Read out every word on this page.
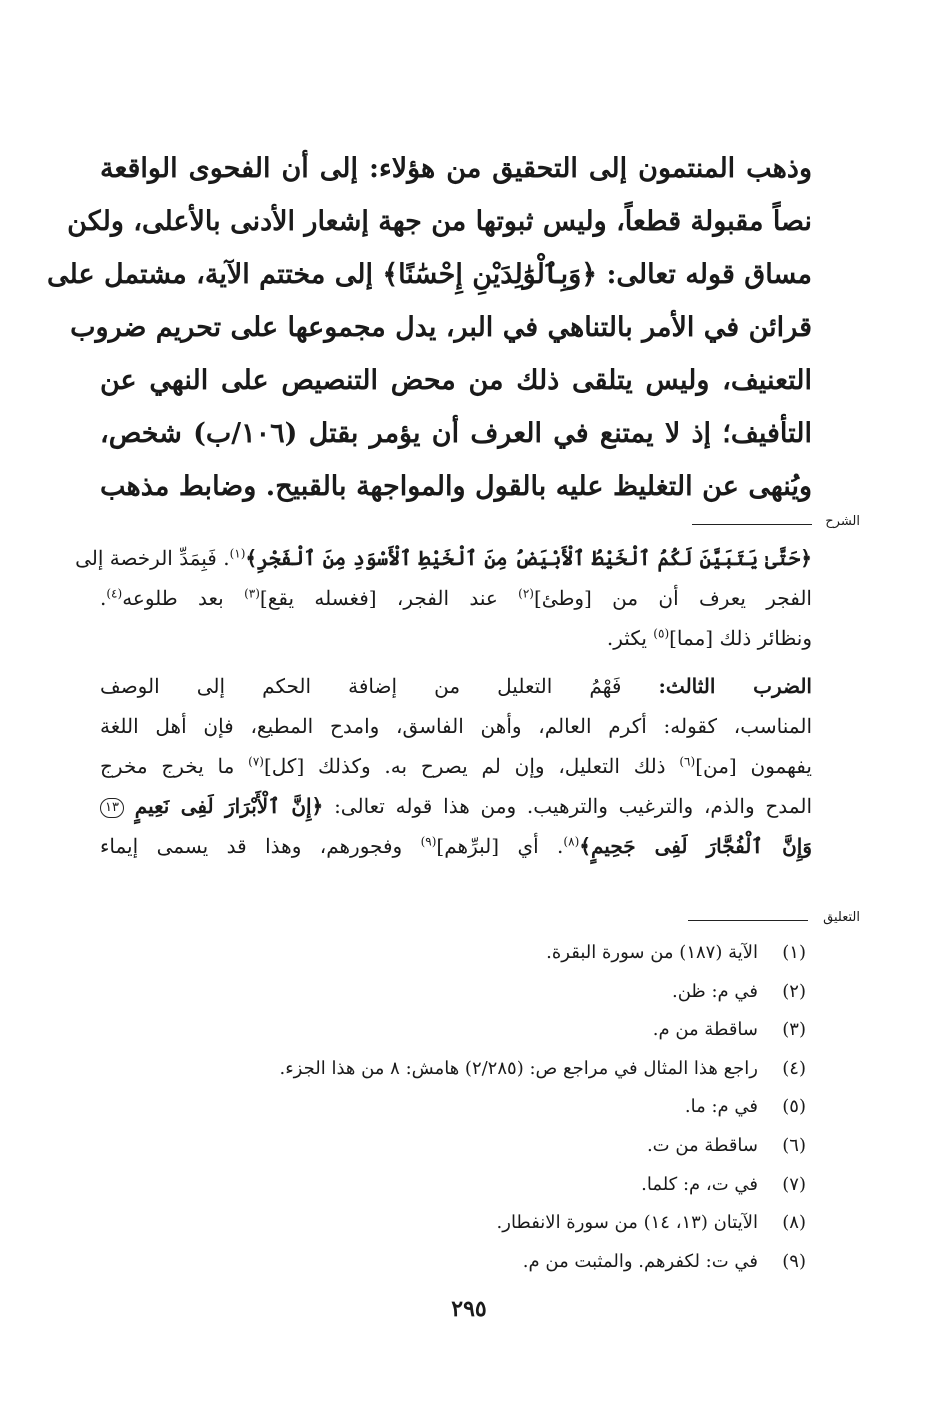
وذهب المنتمون إلى التحقيق من هؤلاء: إلى أن الفحوى الواقعة
نصاً مقبولة قطعاً، وليس ثبوتها من جهة إشعار الأدنى بالأعلى، ولكن
مساق قوله تعالى: ﴿وَبِٱلْوَٰلِدَيْنِ إِحْسَٰنًا﴾ إلى مختتم الآية، مشتمل على
قرائن في الأمر بالتناهي في البر، يدل مجموعها على تحريم ضروب
التعنيف، وليس يتلقى ذلك من محض التنصيص على النهي عن
التأفيف؛ إذ لا يمتنع في العرف أن يؤمر بقتل (١٠٦/ب) شخص،
ويُنهى عن التغليظ عليه بالقول والمواجهة بالقبيح. وضابط مذهب
الشرح
﴿حَتَّىٰ يَتَبَيَّنَ لَكُمُ ٱلْخَيْطُ ٱلْأَبْيَضُ مِنَ ٱلْخَيْطِ ٱلْأَسْوَدِ مِنَ ٱلْفَجْرِ﴾$^{(١)}$. فَبِمَدِّ الرخصة إلى
الفجر يعرف أن من [وطئ]$^{(٢)}$ عند الفجر، [فغسله يقع]$^{(٣)}$ بعد طلوعه$^{(٤)}$.
ونظائر ذلك [مما]$^{(٥)}$ يكثر.
الضرب الثالث: فَهْمُ التعليل من إضافة الحكم إلى الوصف
المناسب، كقوله: أكرم العالم، وأهن الفاسق، وامدح المطيع، فإن أهل اللغة
يفهمون [من]$^{(٦)}$ ذلك التعليل، وإن لم يصرح به. وكذلك [كل]$^{(٧)}$ ما يخرج مخرج
المدح والذم، والترغيب والترهيب. ومن هذا قوله تعالى: ﴿إِنَّ ٱلْأَبْرَارَ لَفِى نَعِيمٍ ١٣
وَإِنَّ ٱلْفُجَّارَ لَفِى جَحِيمٍ﴾$^{(٨)}$. أي [لبرِّهم]$^{(٩)}$ وفجورهم، وهذا قد يسمى إيماء
التعليق
(١)
الآية (١٨٧) من سورة البقرة.
(٢)
في م: ظن.
(٣)
ساقطة من م.
(٤)
راجع هذا المثال في مراجع ص: (٢/٢٨٥) هامش: ٨ من هذا الجزء.
(٥)
في م: ما.
(٦)
ساقطة من ت.
(٧)
في ت، م: كلما.
(٨)
الآيتان (١٣، ١٤) من سورة الانفطار.
(٩)
في ت: لكفرهم. والمثبت من م.
٢٩٥
